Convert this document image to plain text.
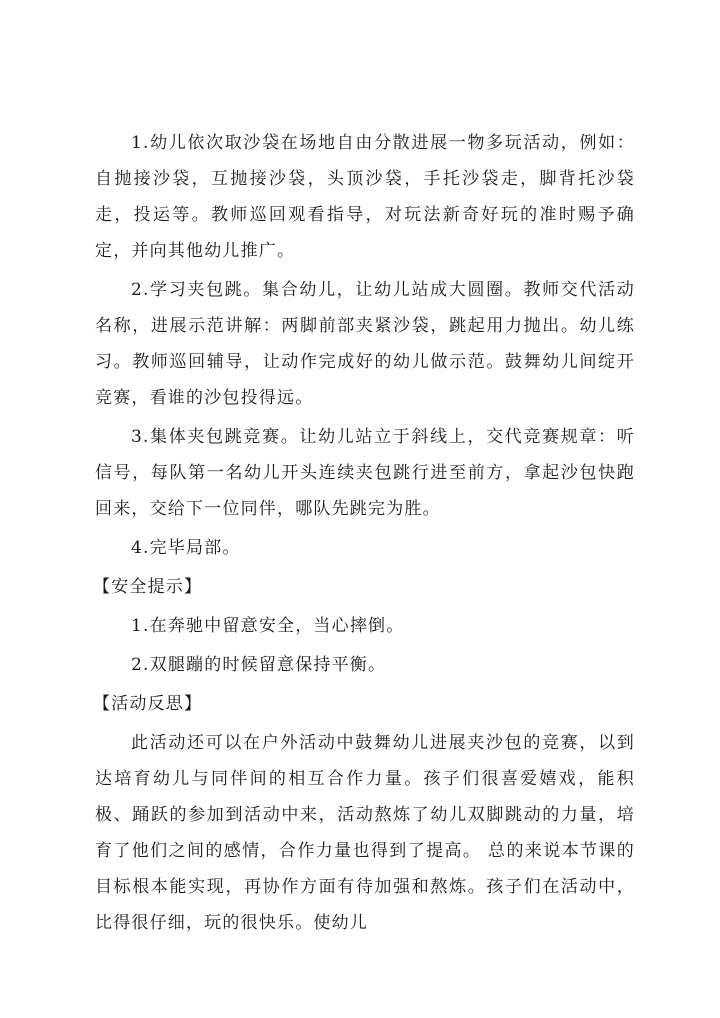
1.幼儿依次取沙袋在场地自由分散进展一物多玩活动，例如：自抛接沙袋，互抛接沙袋，头顶沙袋，手托沙袋走，脚背托沙袋走，投运等。教师巡回观看指导，对玩法新奇好玩的准时赐予确定，并向其他幼儿推广。

2.学习夹包跳。集合幼儿，让幼儿站成大圆圈。教师交代活动名称，进展示范讲解：两脚前部夹紧沙袋，跳起用力抛出。幼儿练习。教师巡回辅导，让动作完成好的幼儿做示范。鼓舞幼儿间绽开竞赛，看谁的沙包投得远。

3.集体夹包跳竞赛。让幼儿站立于斜线上，交代竞赛规章：听信号，每队第一名幼儿开头连续夹包跳行进至前方，拿起沙包快跑回来，交给下一位同伴，哪队先跳完为胜。

4.完毕局部。

【安全提示】

1.在奔驰中留意安全，当心摔倒。

2.双腿蹦的时候留意保持平衡。

【活动反思】

此活动还可以在户外活动中鼓舞幼儿进展夹沙包的竞赛，以到达培育幼儿与同伴间的相互合作力量。孩子们很喜爱嬉戏，能积极、踊跃的参加到活动中来，活动熬炼了幼儿双脚跳动的力量，培育了他们之间的感情，合作力量也得到了提高。 总的来说本节课的目标根本能实现，再协作方面有待加强和熬炼。孩子们在活动中，比得很仔细，玩的很快乐。使幼儿
